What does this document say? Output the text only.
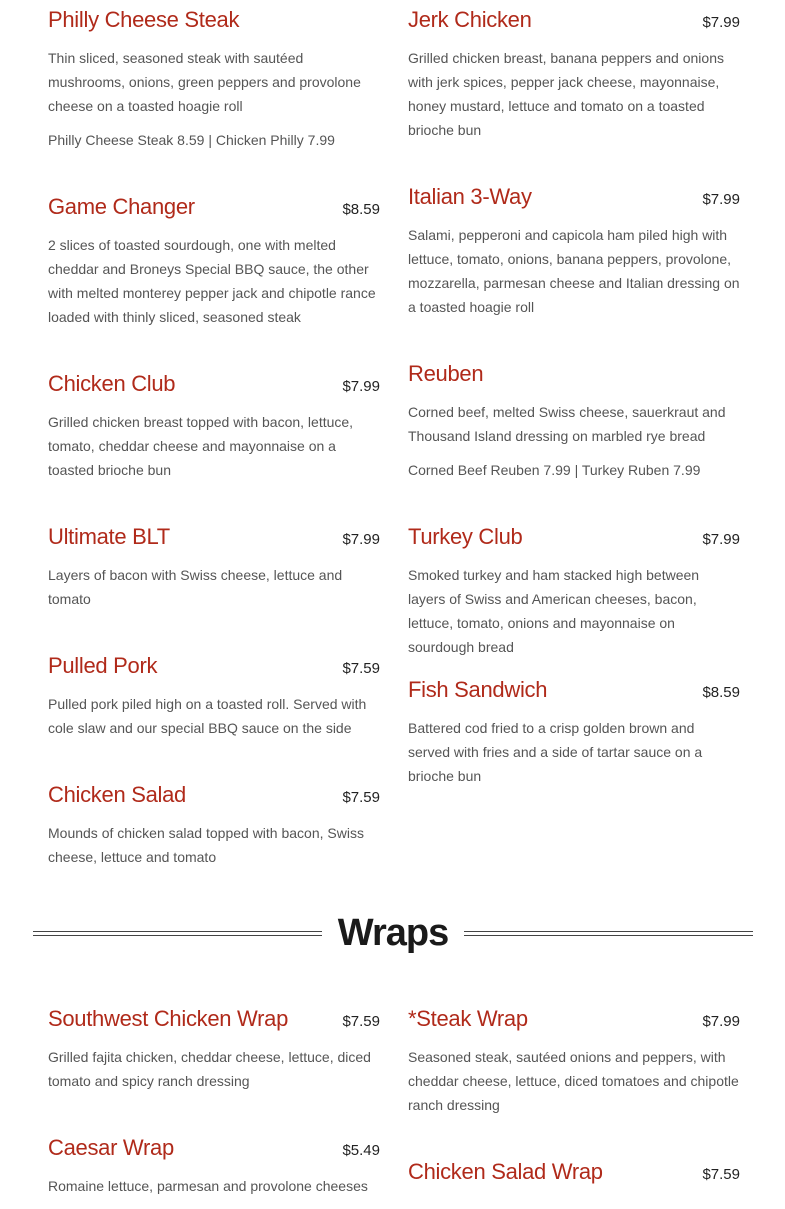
Philly Cheese Steak
Thin sliced, seasoned steak with sautéed mushrooms, onions, green peppers and provolone cheese on a toasted hoagie roll
Philly Cheese Steak 8.59 | Chicken Philly 7.99
Game Changer	$8.59
2 slices of toasted sourdough, one with melted cheddar and Broneys Special BBQ sauce, the other with melted monterey pepper jack and chipotle rance loaded with thinly sliced, seasoned steak
Chicken Club	$7.99
Grilled chicken breast topped with bacon, lettuce, tomato, cheddar cheese and mayonnaise on a toasted brioche bun
Ultimate BLT	$7.99
Layers of bacon with Swiss cheese, lettuce and tomato
Pulled Pork	$7.59
Pulled pork piled high on a toasted roll. Served with cole slaw and our special BBQ sauce on the side
Chicken Salad	$7.59
Mounds of chicken salad topped with bacon, Swiss cheese, lettuce and tomato
Jerk Chicken	$7.99
Grilled chicken breast, banana peppers and onions with jerk spices, pepper jack cheese, mayonnaise, honey mustard, lettuce and tomato on a toasted brioche bun
Italian 3-Way	$7.99
Salami, pepperoni and capicola ham piled high with lettuce, tomato, onions, banana peppers, provolone, mozzarella, parmesan cheese and Italian dressing on a toasted hoagie roll
Reuben
Corned beef, melted Swiss cheese, sauerkraut and Thousand Island dressing on marbled rye bread
Corned Beef Reuben 7.99 | Turkey Ruben 7.99
Turkey Club	$7.99
Smoked turkey and ham stacked high between layers of Swiss and American cheeses, bacon, lettuce, tomato, onions and mayonnaise on sourdough bread
Fish Sandwich	$8.59
Battered cod fried to a crisp golden brown and served with fries and a side of tartar sauce on a brioche bun
Wraps
Southwest Chicken Wrap	$7.59
Grilled fajita chicken, cheddar cheese, lettuce, diced tomato and spicy ranch dressing
Caesar Wrap	$5.49
Romaine lettuce, parmesan and provolone cheeses
*Steak Wrap	$7.99
Seasoned steak, sautéed onions and peppers, with cheddar cheese, lettuce, diced tomatoes and chipotle ranch dressing
Chicken Salad Wrap	$7.59
